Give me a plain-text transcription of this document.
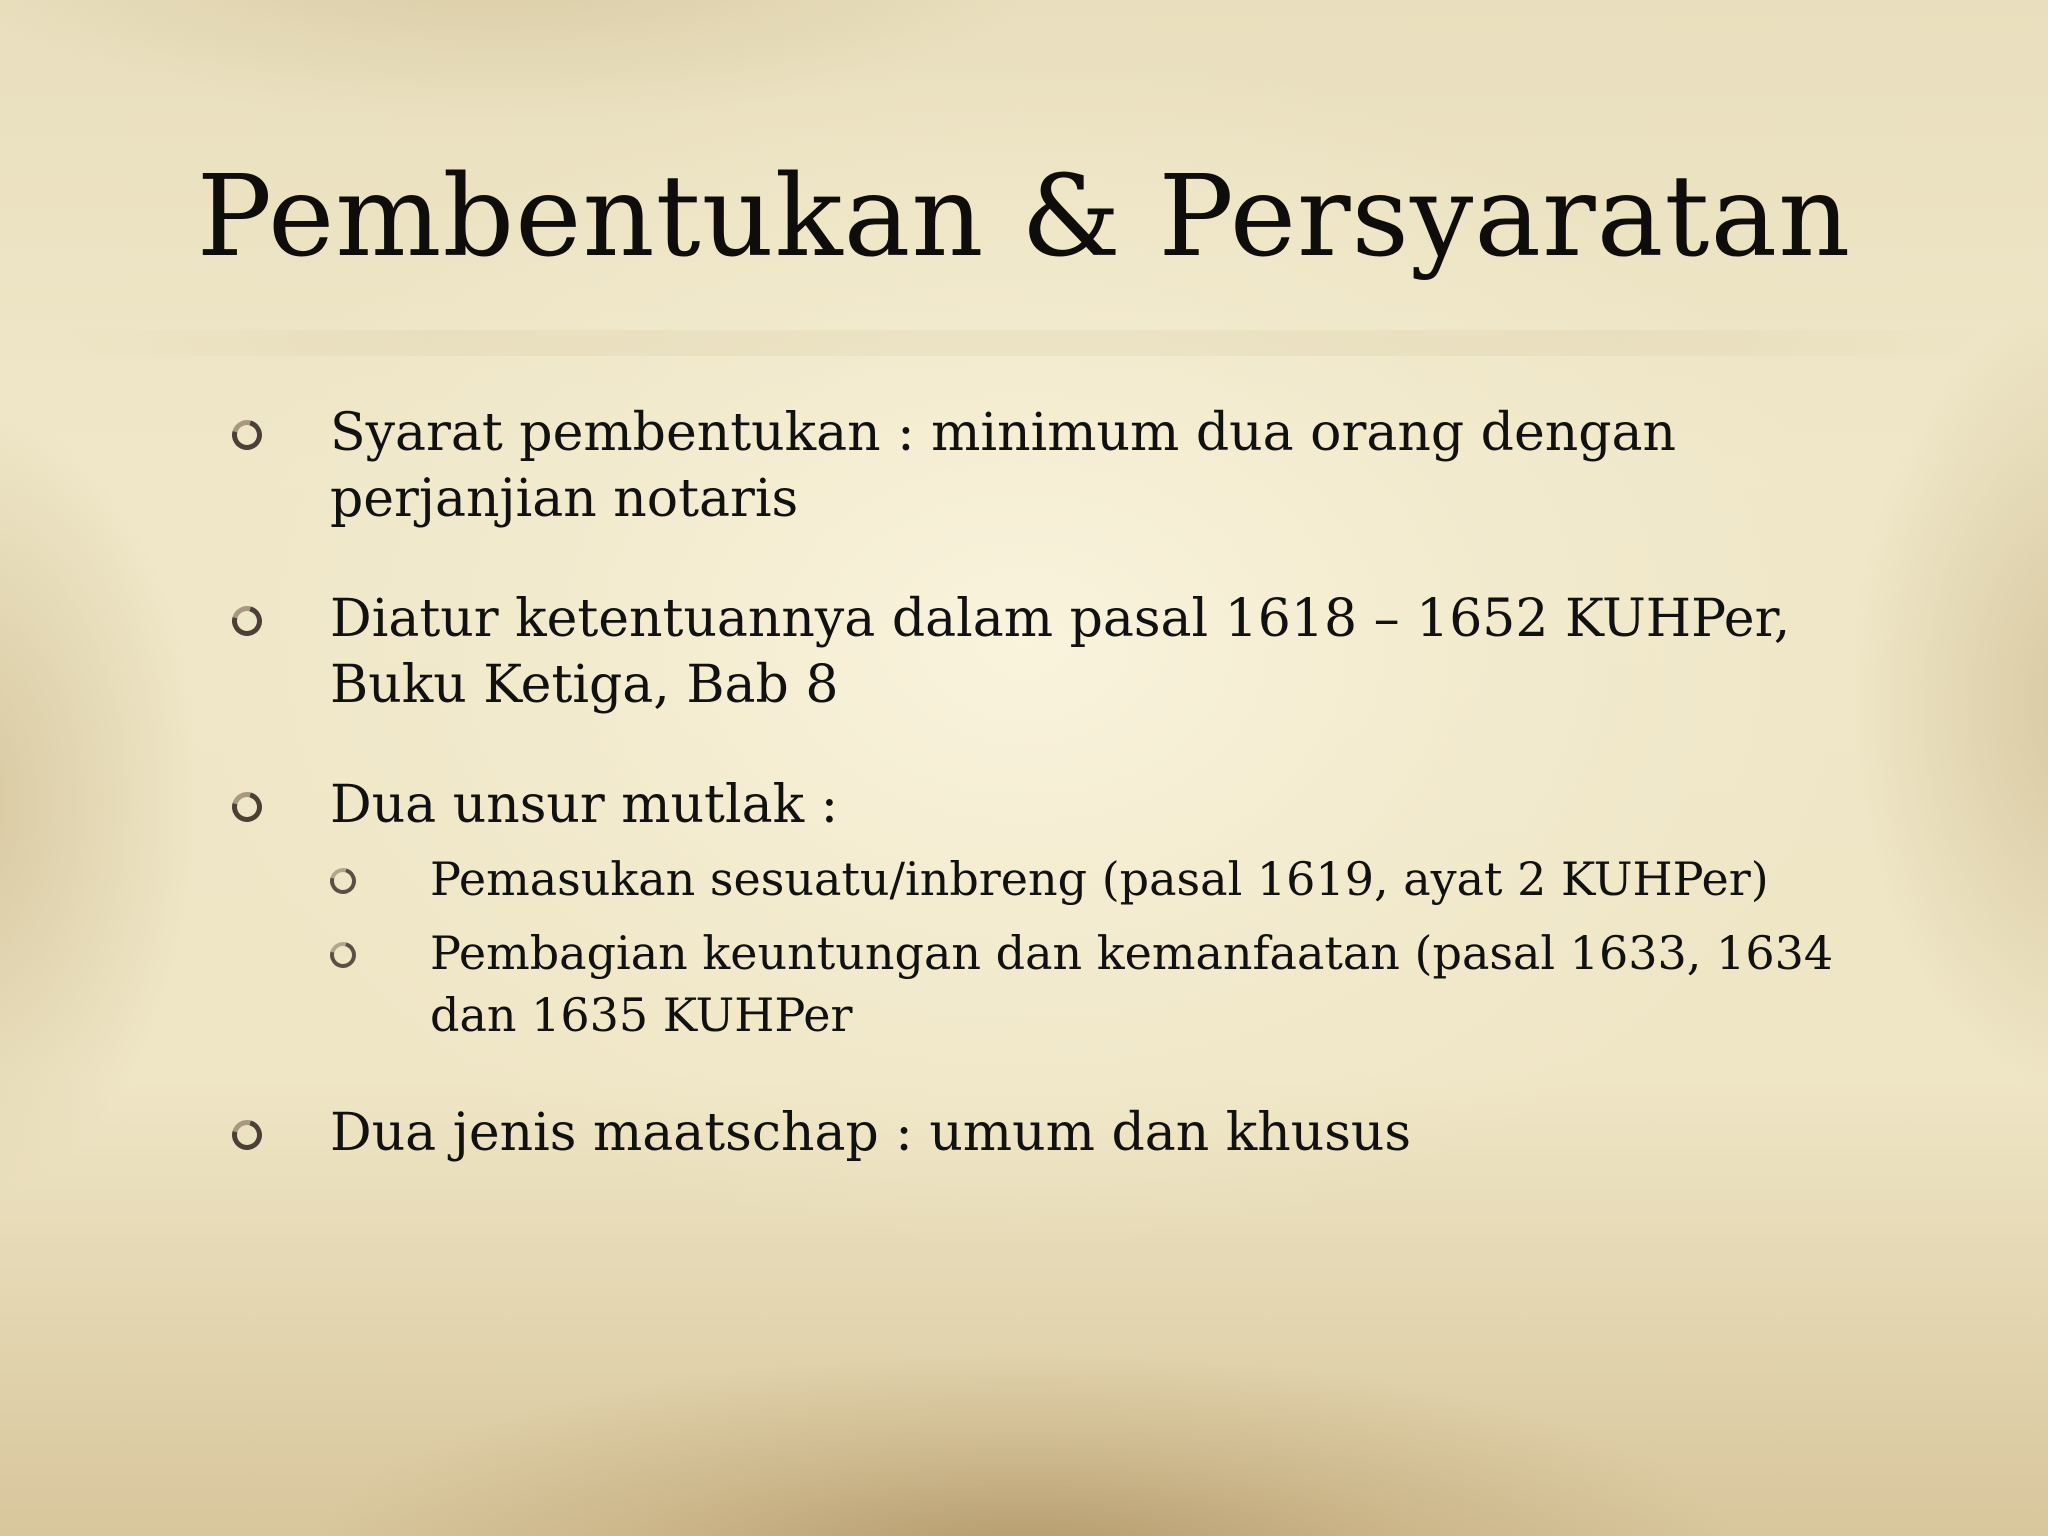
Pembentukan & Persyaratan
Syarat pembentukan : minimum dua orang dengan perjanjian notaris
Diatur ketentuannya dalam pasal 1618 – 1652 KUHPer, Buku Ketiga, Bab 8
Dua unsur mutlak :
Pemasukan sesuatu/inbreng (pasal 1619, ayat 2 KUHPer)
Pembagian keuntungan dan kemanfaatan (pasal 1633, 1634 dan 1635 KUHPer
Dua jenis maatschap : umum dan khusus
